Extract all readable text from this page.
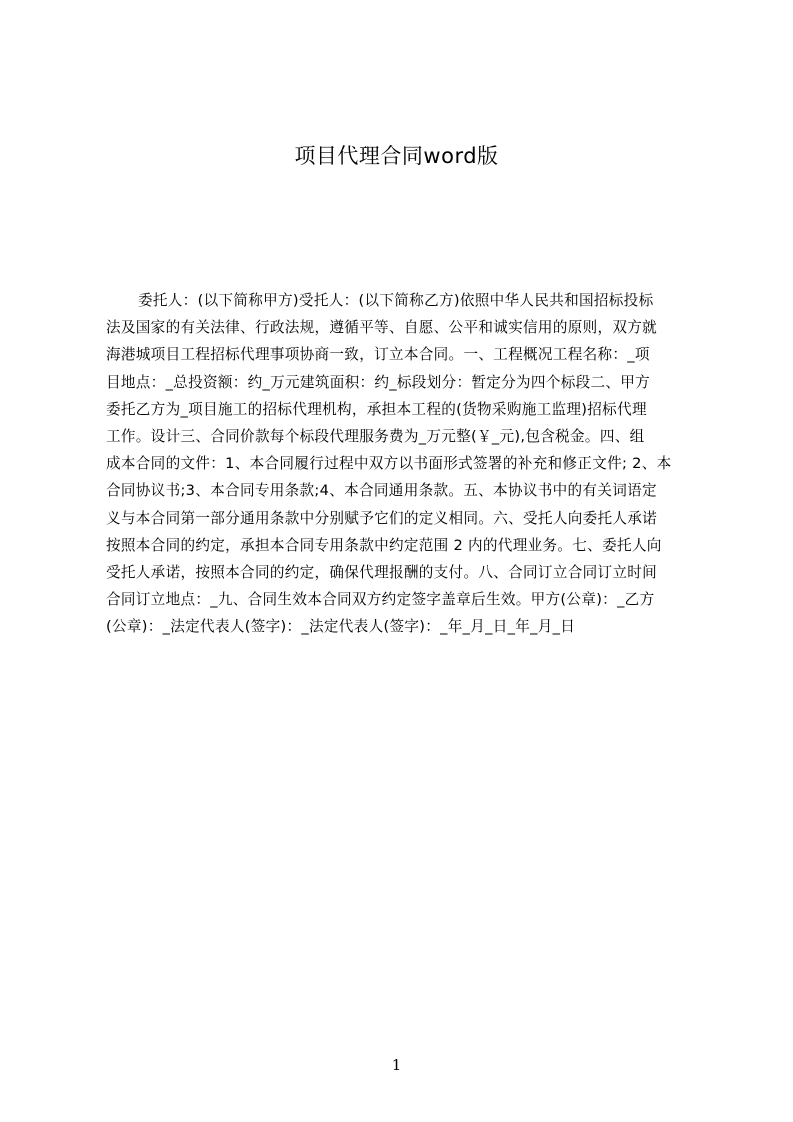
项目代理合同word版
委托人：(以下简称甲方)受托人：(以下简称乙方)依照中华人民共和国招标投标
法及国家的有关法律、行政法规，遵循平等、自愿、公平和诚实信用的原则，双方就
海港城项目工程招标代理事项协商一致，订立本合同。一、工程概况工程名称：_项
目地点：_总投资额：约_万元建筑面积：约_标段划分：暂定分为四个标段二、甲方
委托乙方为_项目施工的招标代理机构，承担本工程的(货物采购施工监理)招标代理
工作。设计三、合同价款每个标段代理服务费为_万元整(￥_元),包含税金。四、组
成本合同的文件：1、本合同履行过程中双方以书面形式签署的补充和修正文件; 2、本
合同协议书;3、本合同专用条款;4、本合同通用条款。五、本协议书中的有关词语定
义与本合同第一部分通用条款中分别赋予它们的定义相同。六、受托人向委托人承诺
按照本合同的约定，承担本合同专用条款中约定范围 2 内的代理业务。七、委托人向
受托人承诺，按照本合同的约定，确保代理报酬的支付。八、合同订立合同订立时间
合同订立地点：_九、合同生效本合同双方约定签字盖章后生效。甲方(公章)：_乙方
(公章)：_法定代表人(签字)：_法定代表人(签字)：_年_月_日_年_月_日
1
